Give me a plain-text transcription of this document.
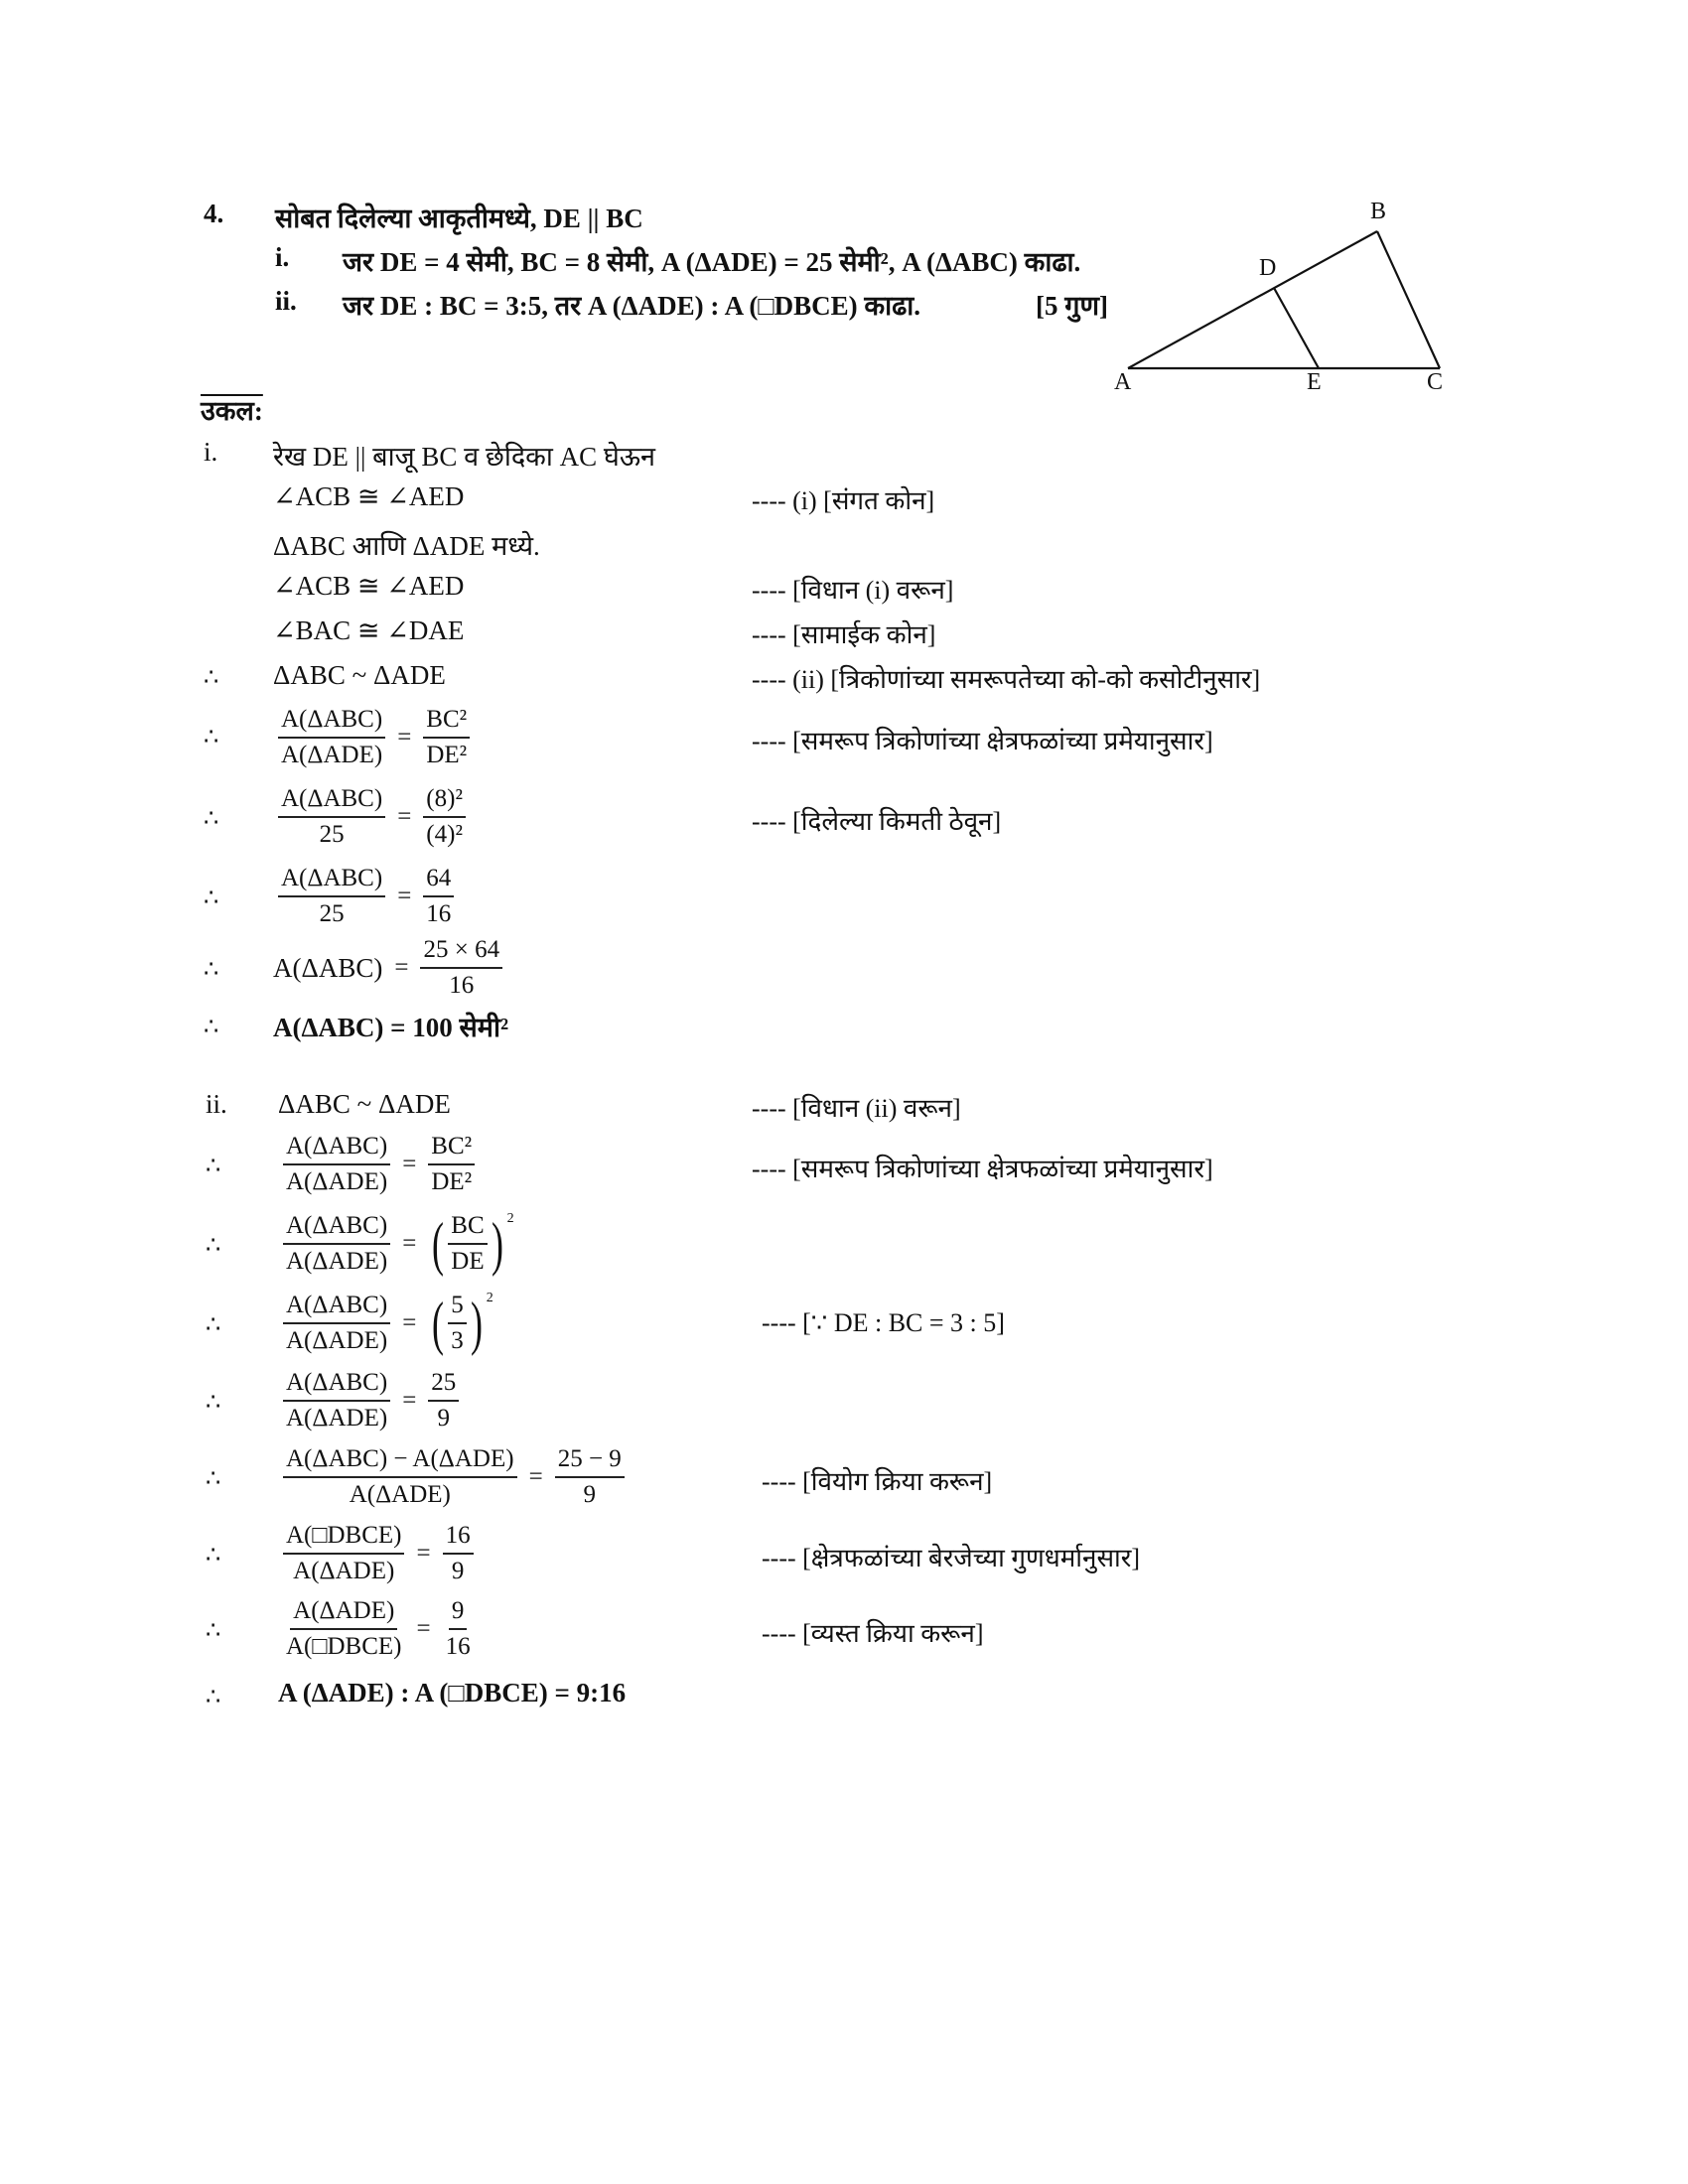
4. सोबत दिलेल्या आकृतीमध्ये, DE || BC
i. जर DE = 4 सेमी, BC = 8 सेमी, A (ΔADE) = 25 सेमी², A (ΔABC) काढा.
ii. जर DE : BC = 3:5, तर A (ΔADE) : A (□DBCE) काढा.	[5 गुण]
B
D
A	E	C
उकल:
i. रेख DE || बाजू BC व छेदिका AC घेऊन
∠ACB ≅ ∠AED	---- (i) [संगत कोन]
ΔABC आणि ΔADE मध्ये.
∠ACB ≅ ∠AED	---- [विधान (i) वरून]
∠BAC ≅ ∠DAE	---- [सामाईक कोन]
∴ ΔABC ~ ΔADE	---- (ii) [त्रिकोणांच्या समरूपतेच्या को-को कसोटीनुसार]
∴ $\frac{\text{A(ΔABC)}}{\text{A(ΔADE)}} = \frac{\text{BC²}}{\text{DE²}}$	---- [समरूप त्रिकोणांच्या क्षेत्रफळांच्या प्रमेयानुसार]
∴ $\frac{\text{A(ΔABC)}}{25} = \frac{\text{(8)²}}{\text{(4)²}}$	---- [दिलेल्या किमती ठेवून]
∴ $\frac{\text{A(ΔABC)}}{25} = \frac{64}{16}$
∴ $A(\Delta ABC) = \frac{25 \times 64}{16}$
∴ A(ΔABC) = 100 सेमी²
ii. ΔABC ~ ΔADE	---- [विधान (ii) वरून]
∴	$\frac{\text{A(ΔABC)}}{\text{A(ΔADE)}} = \frac{\text{BC²}}{\text{DE²}}$	---- [समरूप त्रिकोणांच्या क्षेत्रफळांच्या प्रमेयानुसार]
∴	$\frac{\text{A(ΔABC)}}{\text{A(ΔADE)}}$ = ( $\frac{BC}{DE}$ ) $^2$
∴	$\frac{\text{A(ΔABC)}}{\text{A(ΔADE)}}$ = ( $\frac{5}{3}$ ) $^2$
---- [∵ DE : BC = 3 : 5]
∴	$\frac{\text{A(ΔABC)}}{\text{A(ΔADE)}} = \frac{25}{9}$
∴	$\frac{\text{A(ΔABC) − A(ΔADE)}}{\text{A(ΔADE)}} = \frac{25 - 9}{9}$	---- [वियोग क्रिया करून]
∴	$\frac{\text{A(□DBCE)}}{\text{A(ΔADE)}} = \frac{16}{9}$	---- [क्षेत्रफळांच्या बेरजेच्या गुणधर्मानुसार]
∴	$\frac{\text{A(ΔADE)}}{\text{A(□DBCE)}} = \frac{9}{16}$	---- [व्यस्त क्रिया करून]
∴ A (ΔADE) : A (□DBCE) = 9:16
